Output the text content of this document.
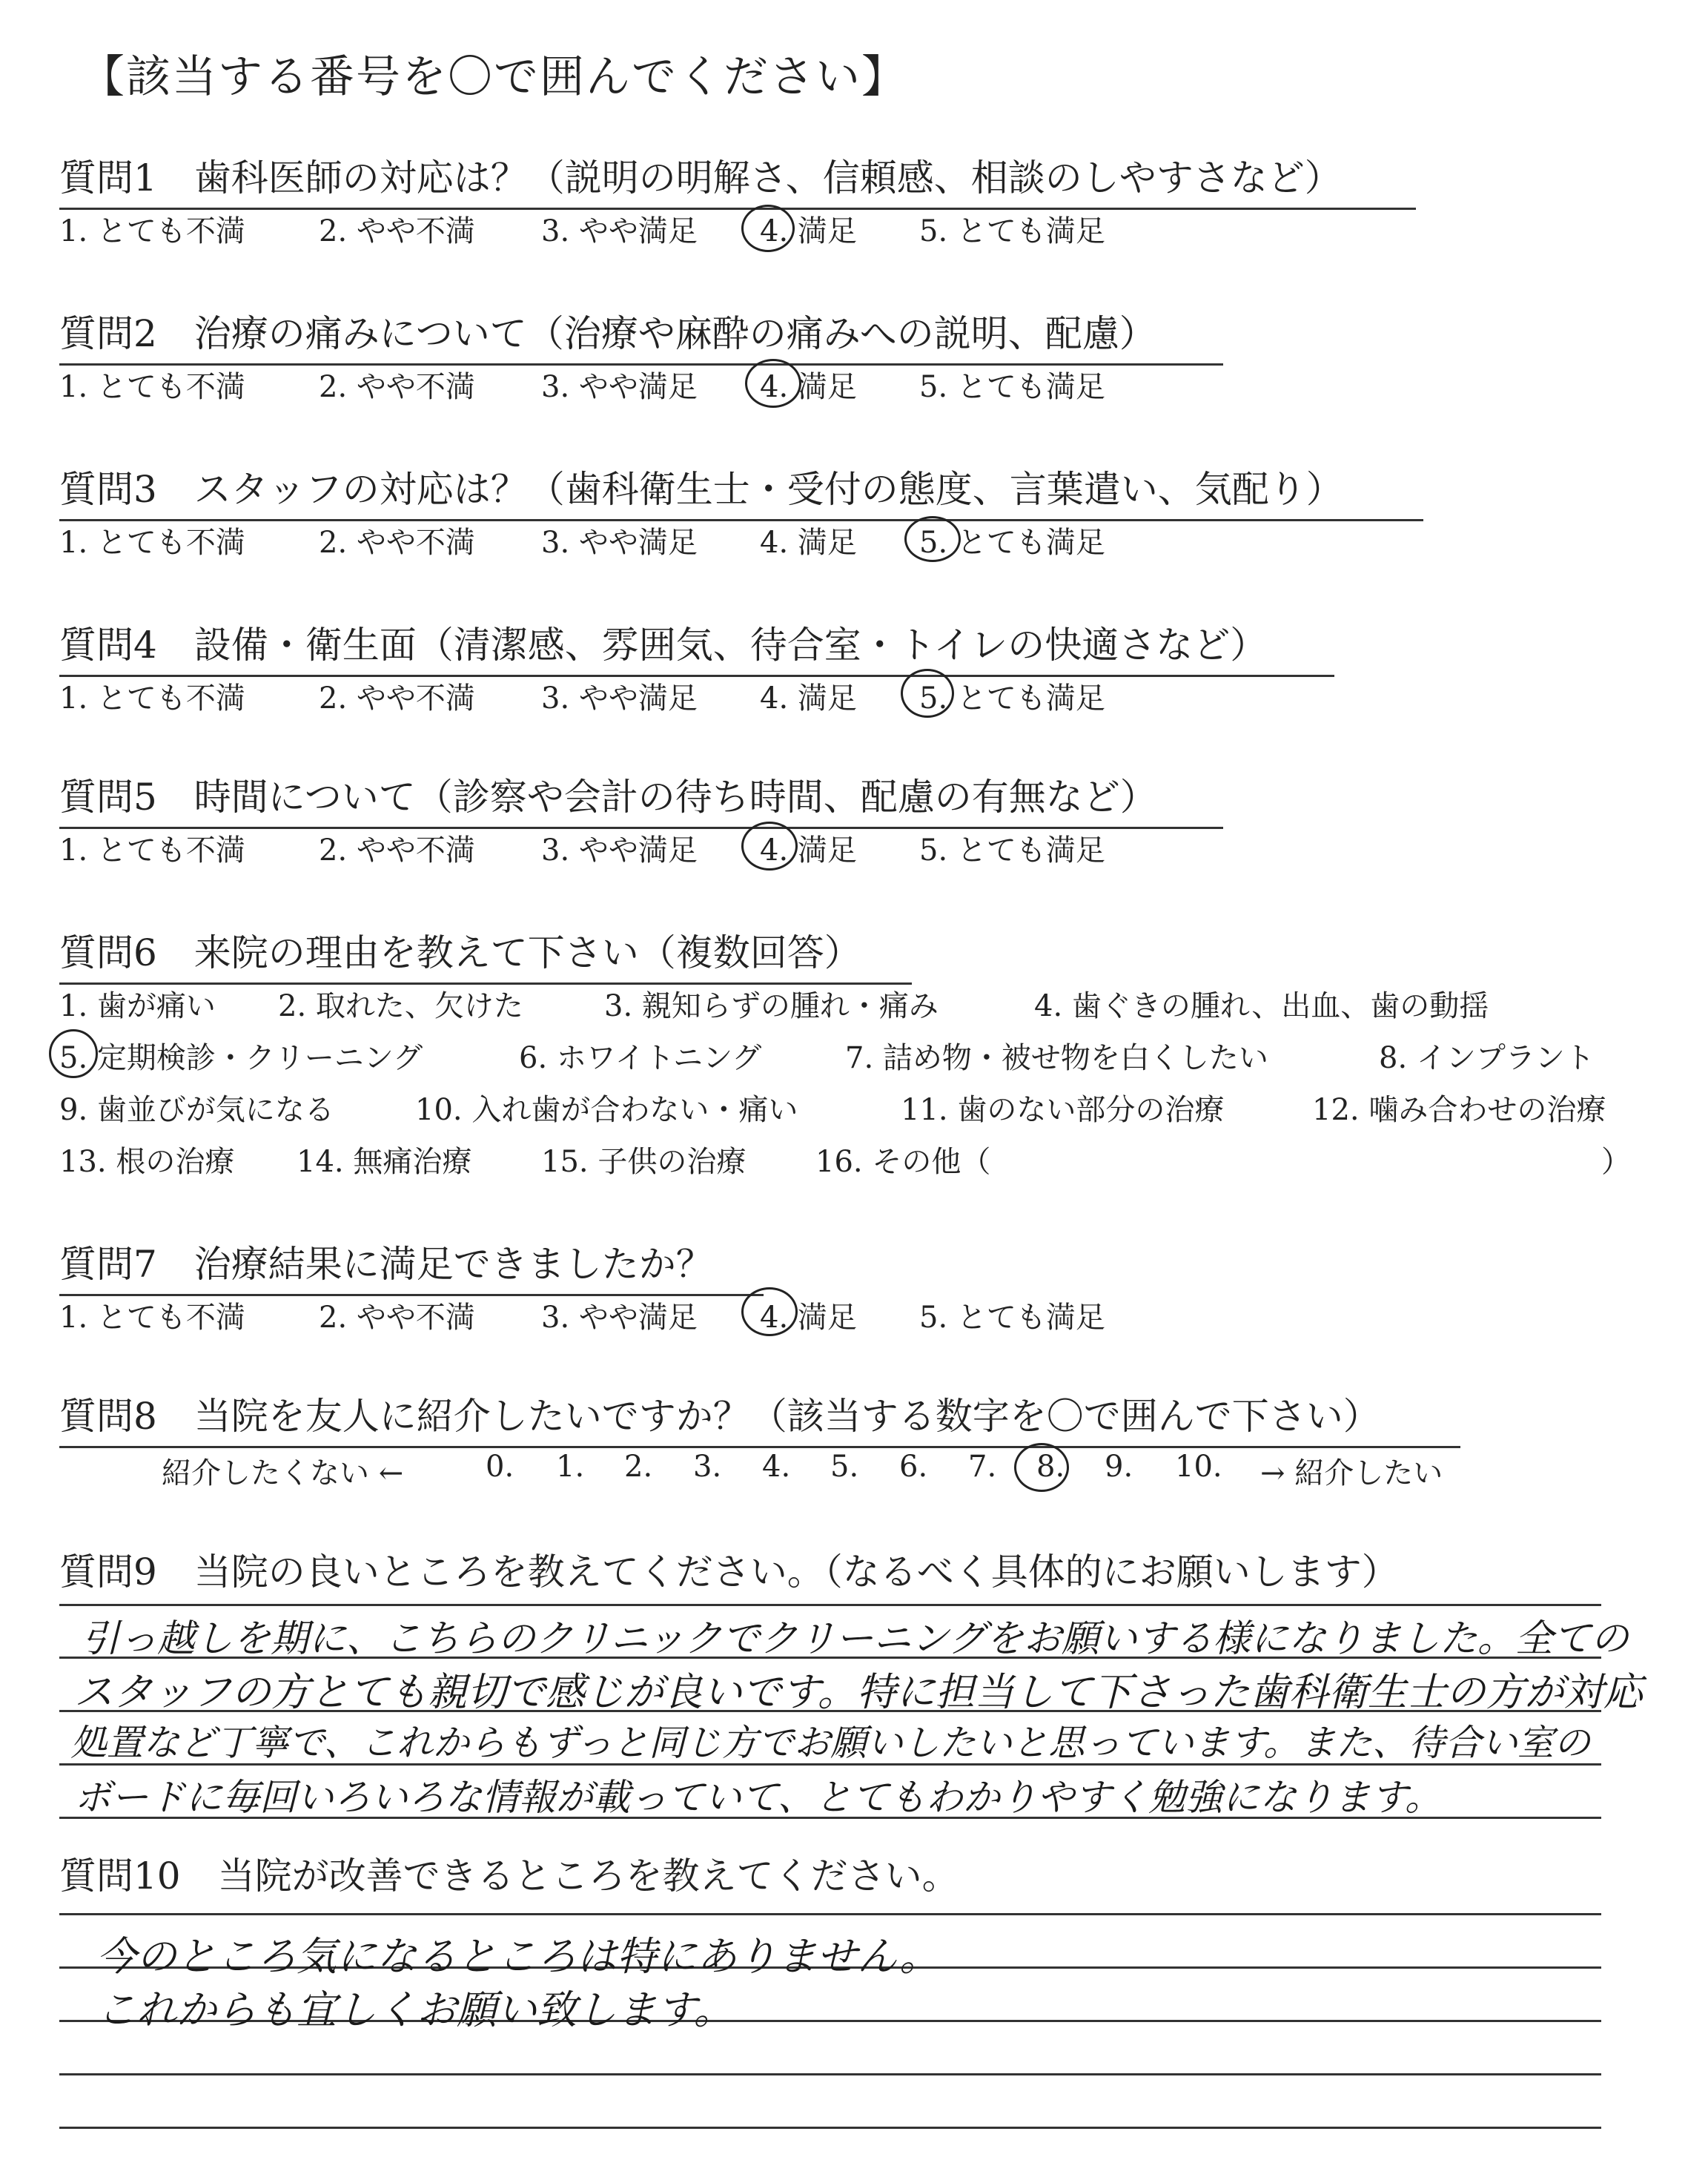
【該当する番号を〇で囲んでください】
質問1　歯科医師の対応は？（説明の明解さ、信頼感、相談のしやすさなど）
1. とても不満 2. やや不満 3. やや満足 4. 満足 5. とても満足
質問2　治療の痛みについて（治療や麻酔の痛みへの説明、配慮）
1. とても不満 2. やや不満 3. やや満足 4. 満足 5. とても満足
質問3　スタッフの対応は？（歯科衛生士・受付の態度、言葉遣い、気配り）
1. とても不満 2. やや不満 3. やや満足 4. 満足 5. とても満足
質問4　設備・衛生面（清潔感、雰囲気、待合室・トイレの快適さなど）
1. とても不満 2. やや不満 3. やや満足 4. 満足 5. とても満足
質問5　時間について（診察や会計の待ち時間、配慮の有無など）
1. とても不満 2. やや不満 3. やや満足 4. 満足 5. とても満足
質問6　来院の理由を教えて下さい（複数回答）
1. 歯が痛い 2. 取れた、欠けた	3. 親知らずの腫れ・痛み	4. 歯ぐきの腫れ、出血、歯の動揺
5. 定期検診・クリーニング	6. ホワイトニング	7. 詰め物・被せ物を白くしたい	8. インプラント
9. 歯並びが気になる	10. 入れ歯が合わない・痛い	11. 歯のない部分の治療	12. 噛み合わせの治療
13. 根の治療 14. 無痛治療 15. 子供の治療 16. その他（	）
質問7　治療結果に満足できましたか？
1. とても不満 2. やや不満 3. やや満足 4. 満足 5. とても満足
質問8　当院を友人に紹介したいですか？（該当する数字を〇で囲んで下さい）
紹介したくない ←	0. 1. 2. 3. 4. 5. 6. 7. 8. 9. 10. → 紹介したい
質問9　当院の良いところを教えてください。（なるべく具体的にお願いします）
引っ越しを期に、こちらのクリニックでクリーニングをお願いする様になりました。全ての
スタッフの方とても親切で感じが良いです。特に担当して下さった歯科衛生士の方が対応
処置など丁寧で、これからもずっと同じ方でお願いしたいと思っています。また、待合い室の
ボードに毎回いろいろな情報が載っていて、とてもわかりやすく勉強になります。
質問10　当院が改善できるところを教えてください。
今のところ気になるところは特にありません。
これからも宜しくお願い致します。
